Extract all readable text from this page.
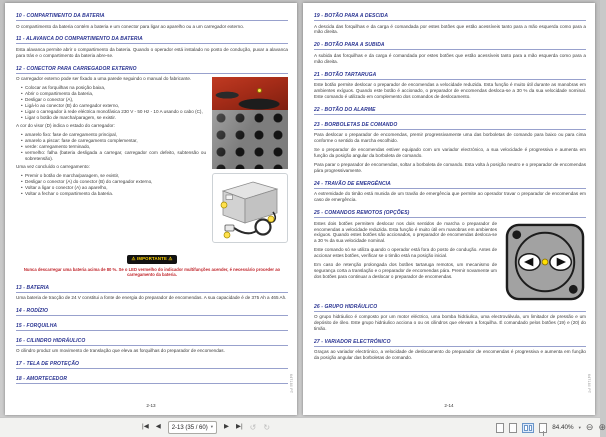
10 - COMPARTIMENTO DA BATERIA

O compartimento da bateria contém a bateria e um conector para ligar ao aparelho ou a um carregador externo.

11 - ALAVANCA DO COMPARTIMENTO DA BATERIA

Esta alavanca permite abrir o compartimento da bateria. Quando o operador está instalado no posto de condução, puxar a alavanca para trás e o compartimento da bateria abre-se.

12 - CONECTOR PARA CARREGADOR EXTERNO

O carregador externo pode ser fixado a uma parede seguindo o manual do fabricante.

• Colocar as forquilhas na posição baixa,
• Abrir o compartimento da bateria,
• Desligar o conector (A),
• Ligá-lo ao conector (B) do carregador externo,
• Ligar o carregador à rede eléctrica monofásica 230 V - 50 Hz - 10 A usando o cabo (C),
• Ligar o botão de marcha/paragem, se existir.

A cor do visor (D) indica o estado do carregador:

• amarelo fixo: fase de carregamento principal,
• amarelo a piscar: fase de carregamento complementar,
• verde: carregamento terminado,
• vermelho: falha (bateria desligada a carregar, carregador com defeito, subtensão ou sobretensão).

Uma vez concluído o carregamento:

• Premir o botão de marcha/paragem, se existir,
• Desligar o conector (A) do conector (B) do carregador externo,
• Voltar a ligar o conector (A) ao aparelho,
• Voltar a fechar o compartimento da bateria.
⚠ IMPORTANTE ⚠
Nunca descarregar uma bateria acima de 80 %. Se o LED vermelho do indicador multifunções acender, é necessário proceder ao carregamento da bateria.
13 - BATERIA

Uma bateria de tracção de 24 V constitui a fonte de energia do preparador de encomendas. A sua capacidade é de 375 Ah a 465 Ah.

14 - RODÍZIO
15 - FORQUILHA
16 - CILINDRO HIDRÁULICO

O cilindro produz um movimento de translação que eleva as forquilhas do preparador de encomendas.

17 - TELA DE PROTEÇÃO
18 - AMORTECEDOR
2-13
647180 PT
19 - BOTÃO PARA A DESCIDA

A descida das forquilhas e da carga é comandada por estes botões que estão acessíveis tanto para a mão esquerda como para a mão direita.

20 - BOTÃO PARA A SUBIDA

A subida das forquilhas e da carga é comandada por estes botões que estão acessíveis tanto para a mão esquerda como para a mão direita.

21 - BOTÃO TARTARUGA

Este botão permite deslocar o preparador de encomendas a velocidade reduzida. Esta função é muito útil durante as manobras em ambientes exíguos. Quando este botão é accionado, o preparador de encomendas desloca-se a 30 % da sua velocidade nominal. Este comando é utilizado em complemento dos comandos de deslocamento.

22 - BOTÃO DO ALARME
23 - BORBOLETAS DE COMANDO

Para deslocar o preparador de encomendas, premir progressivamente uma das borboletas de comando para baixo ou para cima conforme o sentido da marcha escolhido.

Se o preparador de encomendas estiver equipado com um variador electrónico, a sua velocidade é progressiva e aumenta em função da posição angular da borboleta de comando.

Para parar o preparador de encomendas, soltar a borboleta de comando. Esta volta à posição neutro e o preparador de encomendas pára progressivamente.

24 - TRAVÃO DE EMERGÊNCIA

A extremidade do timão está munida de um travão de emergência que permite ao operador travar o preparador de encomendas em caso de emergência.

25 - COMANDOS REMOTOS (OPÇÕES)

Estes dois botões permitem deslocar nos dois sentidos de marcha o preparador de encomendas a velocidade reduzida. Esta função é muito útil em manobras em ambientes exíguos. Quando estes botões são accionados, o preparador de encomendas desloca-se a 30 % da sua velocidade nominal.

Este comando só se utiliza quando o operador está fora do posto de condução. Antes de accionar estes botões, verificar se o timão está na posição inicial.

Em caso de retenção prolongada dos botões tartaruga remotos, um mecanismo de segurança corta a translação e o preparador de encomendas pára. Premir novamente um dos botões para continuar a deslocar o preparador de encomendas.

26 - GRUPO HIDRÁULICO

O grupo hidráulico é composto por um motor eléctrico, uma bomba hidráulica, uma electroválvula, um limitador de pressão e um depósito de óleo. Este grupo hidráulico acciona o ou os cilindros que elevam a forquilha. É comandado pelos botões (19) e (20) do timão.

27 - VARIADOR ELECTRÓNICO

Graças ao variador electrónico, a velocidade de deslocamento do preparador de encomendas é progressiva e aumenta em função da posição angular das borboletas de comando.

2-14
647180 PT
|◀ ◀ 2-13 (35 / 60) ▾ ▶ ▶| ↺ ↻	84.40% ▾ ⊖ ⊕
